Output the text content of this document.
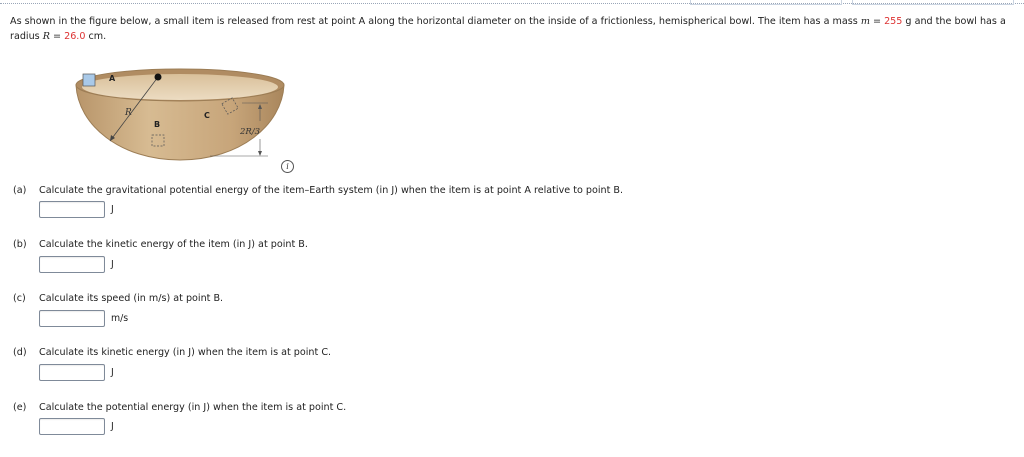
As shown in the figure below, a small item is released from rest at point A along the horizontal diameter on the inside of a frictionless, hemispherical bowl. The item has a mass m = 255 g and the bowl has a radius R = 26.0 cm.
A
B
C
R
2R/3
i
(a) Calculate the gravitational potential energy of the item–Earth system (in J) when the item is at point A relative to point B.
J
(b) Calculate the kinetic energy of the item (in J) at point B.
J
(c) Calculate its speed (in m/s) at point B.
m/s
(d) Calculate its kinetic energy (in J) when the item is at point C.
J
(e) Calculate the potential energy (in J) when the item is at point C.
J
